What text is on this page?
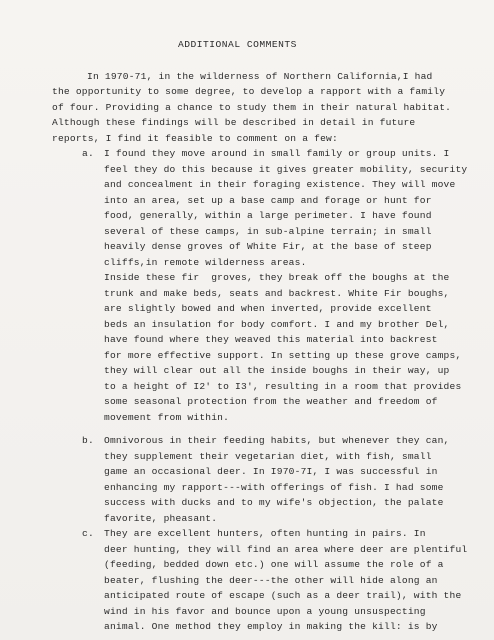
ADDITIONAL COMMENTS
In 1970-71, in the wilderness of Northern California,I had
the opportunity to some degree, to develop a rapport with a family
of four. Providing a chance to study them in their natural habitat.
Although these findings will be described in detail in future
reports, I find it feasible to comment on a few:
a. I found they move around in small family or group units. I
feel they do this because it gives greater mobility, security
and concealment in their foraging existence. They will move
into an area, set up a base camp and forage or hunt for
food, generally, within a large perimeter. I have found
several of these camps, in sub-alpine terrain; in small
heavily dense groves of White Fir, at the base of steep
cliffs,in remote wilderness areas.
Inside these fir  groves, they break off the boughs at the
trunk and make beds, seats and backrest. White Fir boughs,
are slightly bowed and when inverted, provide excellent
beds an insulation for body comfort. I and my brother Del,
have found where they weaved this material into backrest
for more effective support. In setting up these grove camps,
they will clear out all the inside boughs in their way, up
to a height of I2' to I3', resulting in a room that provides
some seasonal protection from the weather and freedom of
movement from within.
b. Omnivorous in their feeding habits, but whenever they can,
they supplement their vegetarian diet, with fish, small
game an occasional deer. In I970-7I, I was successful in
enhancing my rapport---with offerings of fish. I had some
success with ducks and to my wife's objection, the palate
favorite, pheasant.
c. They are excellent hunters, often hunting in pairs. In
deer hunting, they will find an area where deer are plentiful
(feeding, bedded down etc.) one will assume the role of a
beater, flushing the deer---the other will hide along an
anticipated route of escape (such as a deer trail), with the
wind in his favor and bounce upon a young unsuspecting
animal. One method they employ in making the kill: is by
